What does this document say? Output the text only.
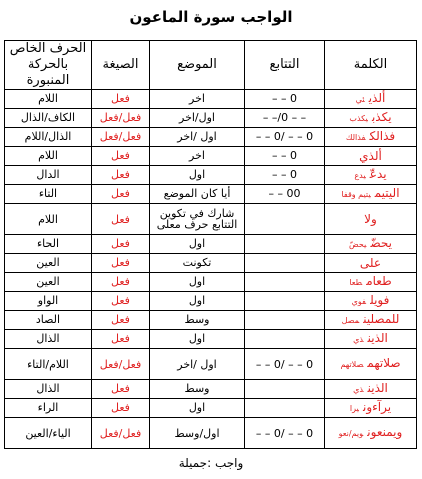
الواجب سورة الماعون
الكلمة	التتابع	الموضع	الصيغة	الحرف الخاص بالحركة المنبورة
ألذيئي	0 – –	اخر	فعل	اللام
يكذبيكذب	– – 0/– –	اول/اخر	فعل/فعل	الكاف/الذال
فذالكفذالك	0 – – /0 – –	اول /اخر	فعل/فعل	الذال/اللام
ألذي	0 – –	اخر	فعل	اللام
يدعّيدع	0 – –	اول	فعل	الدال
اليتيميتيم وقفا	00 – –	أيا كان الموضع	فعل	التاء
ولا		شارك في تكوين التتابع حرف معلى	فعل	اللام
يحضّيحضّ		اول	فعل	الحاء
على		تكونت	فعل	العين
طعامطعا		اول	فعل	العين
فويلفوي		اول	فعل	الواو
للمصلينمصل		وسط	فعل	الصاد
الذينذي		اول	فعل	الذال
صلاتهمصلاتهم	0 – – /0 – –	اول /اخر	فعل/فعل	اللام/التاء
الذينذي		وسط	فعل	الذال
يرآءونيرا		اول	فعل	الراء
ويمنعونويم/نعو	0 – – /0 – –	اول/وسط	فعل/فعل	الياء/العين
واجب :جميلة
